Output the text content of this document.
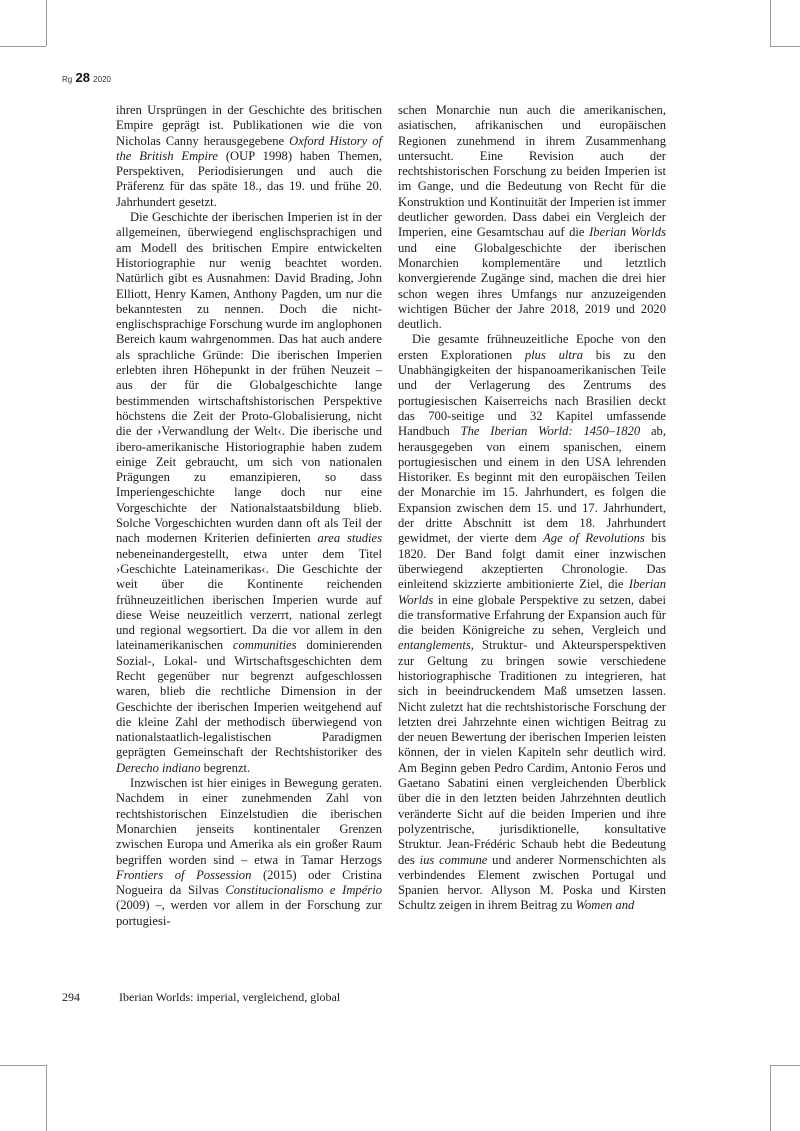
Rg 28 2020

ihren Ursprüngen in der Geschichte des britischen Empire geprägt ist. Publikationen wie die von Nicholas Canny herausgegebene Oxford History of the British Empire (OUP 1998) haben Themen, Perspektiven, Periodisierungen und auch die Präferenz für das späte 18., das 19. und frühe 20. Jahrhundert gesetzt.

Die Geschichte der iberischen Imperien ist in der allgemeinen, überwiegend englischsprachigen und am Modell des britischen Empire entwickelten Historiographie nur wenig beachtet worden. Natürlich gibt es Ausnahmen: David Brading, John Elliott, Henry Kamen, Anthony Pagden, um nur die bekanntesten zu nennen. Doch die nicht-englischsprachige Forschung wurde im anglophonen Bereich kaum wahrgenommen. Das hat auch andere als sprachliche Gründe: Die iberischen Imperien erlebten ihren Höhepunkt in der frühen Neuzeit – aus der für die Globalgeschichte lange bestimmenden wirtschaftshistorischen Perspektive höchstens die Zeit der Proto-Globalisierung, nicht die der ›Verwandlung der Welt‹. Die iberische und ibero-amerikanische Historiographie haben zudem einige Zeit gebraucht, um sich von nationalen Prägungen zu emanzipieren, so dass Imperiengeschichte lange doch nur eine Vorgeschichte der Nationalstaatsbildung blieb. Solche Vorgeschichten wurden dann oft als Teil der nach modernen Kriterien definierten area studies nebeneinandergestellt, etwa unter dem Titel ›Geschichte Lateinamerikas‹. Die Geschichte der weit über die Kontinente reichenden frühneuzeitlichen iberischen Imperien wurde auf diese Weise neuzeitlich verzerrt, national zerlegt und regional wegsortiert. Da die vor allem in den lateinamerikanischen communities dominierenden Sozial-, Lokal- und Wirtschaftsgeschichten dem Recht gegenüber nur begrenzt aufgeschlossen waren, blieb die rechtliche Dimension in der Geschichte der iberischen Imperien weitgehend auf die kleine Zahl der methodisch überwiegend von nationalstaatlich-legalistischen Paradigmen geprägten Gemeinschaft der Rechtshistoriker des Derecho indiano begrenzt.

Inzwischen ist hier einiges in Bewegung geraten. Nachdem in einer zunehmenden Zahl von rechtshistorischen Einzelstudien die iberischen Monarchien jenseits kontinentaler Grenzen zwischen Europa und Amerika als ein großer Raum begriffen worden sind – etwa in Tamar Herzogs Frontiers of Possession (2015) oder Cristina Nogueira da Silvas Constitucionalismo e Império (2009) –, werden vor allem in der Forschung zur portugiesi-

schen Monarchie nun auch die amerikanischen, asiatischen, afrikanischen und europäischen Regionen zunehmend in ihrem Zusammenhang untersucht. Eine Revision auch der rechtshistorischen Forschung zu beiden Imperien ist im Gange, und die Bedeutung von Recht für die Konstruktion und Kontinuität der Imperien ist immer deutlicher geworden. Dass dabei ein Vergleich der Imperien, eine Gesamtschau auf die Iberian Worlds und eine Globalgeschichte der iberischen Monarchien komplementäre und letztlich konvergierende Zugänge sind, machen die drei hier schon wegen ihres Umfangs nur anzuzeigenden wichtigen Bücher der Jahre 2018, 2019 und 2020 deutlich.

Die gesamte frühneuzeitliche Epoche von den ersten Explorationen plus ultra bis zu den Unabhängigkeiten der hispanoamerikanischen Teile und der Verlagerung des Zentrums des portugiesischen Kaiserreichs nach Brasilien deckt das 700-seitige und 32 Kapitel umfassende Handbuch The Iberian World: 1450–1820 ab, herausgegeben von einem spanischen, einem portugiesischen und einem in den USA lehrenden Historiker. Es beginnt mit den europäischen Teilen der Monarchie im 15. Jahrhundert, es folgen die Expansion zwischen dem 15. und 17. Jahrhundert, der dritte Abschnitt ist dem 18. Jahrhundert gewidmet, der vierte dem Age of Revolutions bis 1820. Der Band folgt damit einer inzwischen überwiegend akzeptierten Chronologie. Das einleitend skizzierte ambitionierte Ziel, die Iberian Worlds in eine globale Perspektive zu setzen, dabei die transformative Erfahrung der Expansion auch für die beiden Königreiche zu sehen, Vergleich und entanglements, Struktur- und Akteursperspektiven zur Geltung zu bringen sowie verschiedene historiographische Traditionen zu integrieren, hat sich in beeindruckendem Maß umsetzen lassen. Nicht zuletzt hat die rechtshistorische Forschung der letzten drei Jahrzehnte einen wichtigen Beitrag zu der neuen Bewertung der iberischen Imperien leisten können, der in vielen Kapiteln sehr deutlich wird. Am Beginn geben Pedro Cardim, Antonio Feros und Gaetano Sabatini einen vergleichenden Überblick über die in den letzten beiden Jahrzehnten deutlich veränderte Sicht auf die beiden Imperien und ihre polyzentrische, jurisdiktionelle, konsultative Struktur. Jean-Frédéric Schaub hebt die Bedeutung des ius commune und anderer Normenschichten als verbindendes Element zwischen Portugal und Spanien hervor. Allyson M. Poska und Kirsten Schultz zeigen in ihrem Beitrag zu Women and

294	Iberian Worlds: imperial, vergleichend, global
